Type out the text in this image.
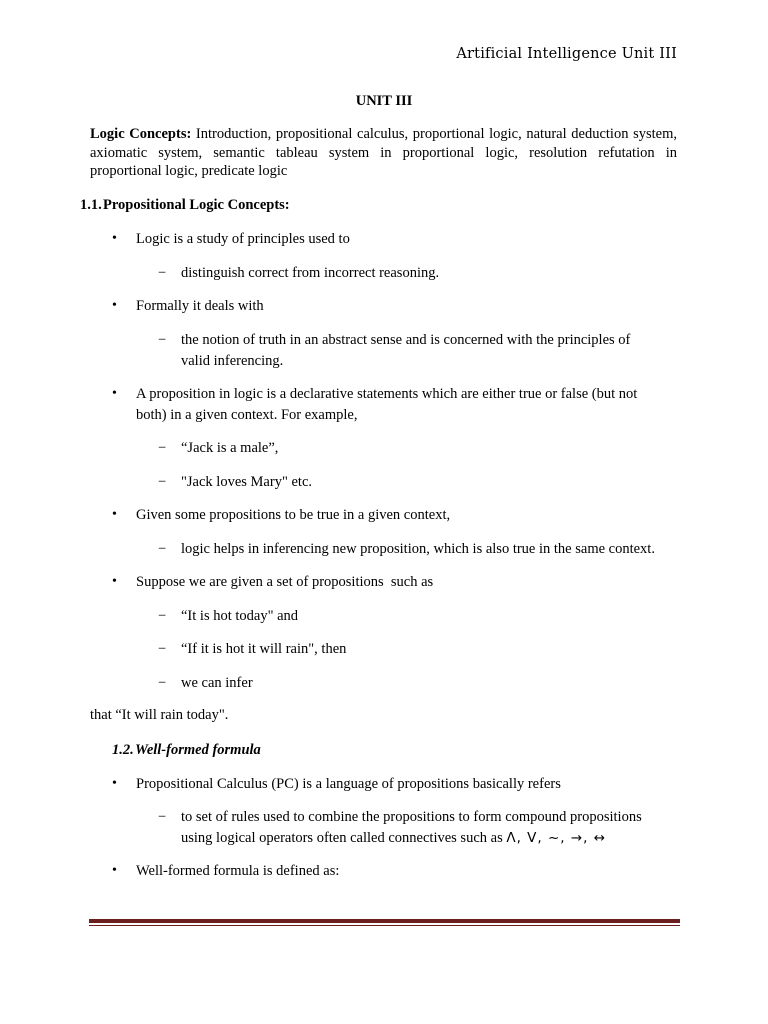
Artificial Intelligence Unit III
UNIT III
Logic Concepts: Introduction, propositional calculus, proportional logic, natural deduction system, axiomatic system, semantic tableau system in proportional logic, resolution refutation in proportional logic, predicate logic
1.1.Propositional Logic Concepts:
• Logic is a study of principles used to
− distinguish correct from incorrect reasoning.
• Formally it deals with
− the notion of truth in an abstract sense and is concerned with the principles of valid inferencing.
• A proposition in logic is a declarative statements which are either true or false (but not both) in a given context. For example,
− “Jack is a male”,
− "Jack loves Mary" etc.
• Given some propositions to be true in a given context,
− logic helps in inferencing new proposition, which is also true in the same context.
• Suppose we are given a set of propositions  such as
− “It is hot today" and
− “If it is hot it will rain", then
− we can infer
that “It will rain today".
1.2.Well-formed formula
• Propositional Calculus (PC) is a language of propositions basically refers
− to set of rules used to combine the propositions to form compound propositions using logical operators often called connectives such as Λ, V, ~, →, ↔
• Well-formed formula is defined as:
